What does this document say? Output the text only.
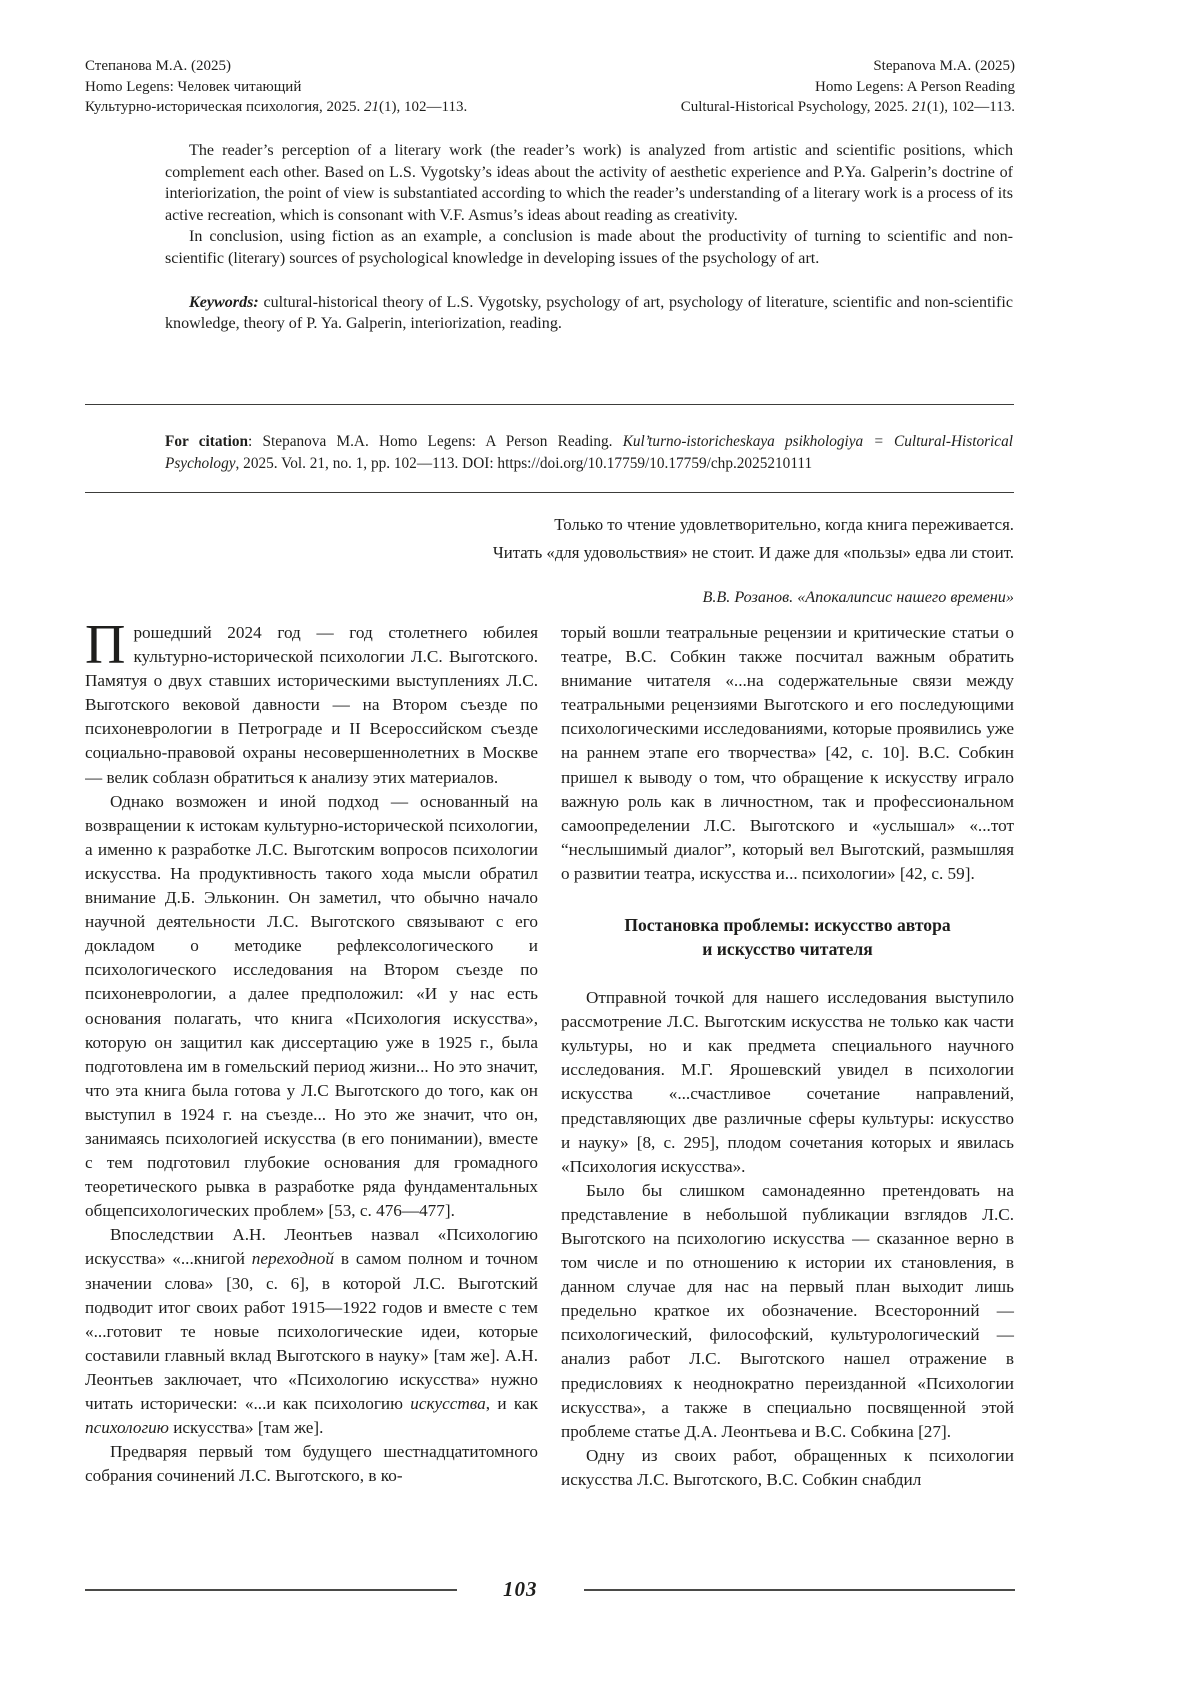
Степанова М.А. (2025)
Homo Legens: Человек читающий
Культурно-историческая психология, 2025. 21(1), 102—113.
Stepanova M.A. (2025)
Homo Legens: A Person Reading
Cultural-Historical Psychology, 2025. 21(1), 102—113.

The reader’s perception of a literary work (the reader’s work) is analyzed from artistic and scientific positions, which complement each other. Based on L.S. Vygotsky’s ideas about the activity of aesthetic experience and P.Ya. Galperin’s doctrine of interiorization, the point of view is substantiated according to which the reader’s understanding of a literary work is a process of its active recreation, which is consonant with V.F. Asmus’s ideas about reading as creativity.

In conclusion, using fiction as an example, a conclusion is made about the productivity of turning to scientific and non-scientific (literary) sources of psychological knowledge in developing issues of the psychology of art.

Keywords: cultural-historical theory of L.S. Vygotsky, psychology of art, psychology of literature, scientific and non-scientific knowledge, theory of P. Ya. Galperin, interiorization, reading.

For citation: Stepanova M.A. Homo Legens: A Person Reading. Kul’turno-istoricheskaya psikhologiya = Cultural-Historical Psychology, 2025. Vol. 21, no. 1, pp. 102—113. DOI: https://doi.org/10.17759/10.17759/chp.2025210111

Только то чтение удовлетворительно, когда книга переживается.

Читать «для удовольствия» не стоит. И даже для «пользы» едва ли стоит.

В.В. Розанов. «Апокалипсис нашего времени»

Прошедший 2024 год — год столетнего юбилея культурно-исторической психологии Л.С. Выготского. Памятуя о двух ставших историческими выступлениях Л.С. Выготского вековой давности — на Втором съезде по психоневрологии в Петрограде и II Всероссийском съезде социально-правовой охраны несовершеннолетних в Москве — велик соблазн обратиться к анализу этих материалов.

Однако возможен и иной подход — основанный на возвращении к истокам культурно-исторической психологии, а именно к разработке Л.С. Выготским вопросов психологии искусства. На продуктивность такого хода мысли обратил внимание Д.Б. Эльконин. Он заметил, что обычно начало научной деятельности Л.С. Выготского связывают с его докладом о методике рефлексологического и психологического исследования на Втором съезде по психоневрологии, а далее предположил: «И у нас есть основания полагать, что книга «Психология искусства», которую он защитил как диссертацию уже в 1925 г., была подготовлена им в гомельский период жизни... Но это значит, что эта книга была готова у Л.С Выготского до того, как он выступил в 1924 г. на съезде... Но это же значит, что он, занимаясь психологией искусства (в его понимании), вместе с тем подготовил глубокие основания для громадного теоретического рывка в разработке ряда фундаментальных общепсихологических проблем» [53, с. 476—477].

Впоследствии А.Н. Леонтьев назвал «Психологию искусства» «...книгой переходной в самом полном и точном значении слова» [30, с. 6], в которой Л.С. Выготский подводит итог своих работ 1915—1922 годов и вместе с тем «...готовит те новые психологические идеи, которые составили главный вклад Выготского в науку» [там же]. А.Н. Леонтьев заключает, что «Психологию искусства» нужно читать исторически: «...и как психологию искусства, и как психологию искусства» [там же].

Предваряя первый том будущего шестнадцатитомного собрания сочинений Л.С. Выготского, в ко-

торый вошли театральные рецензии и критические статьи о театре, В.С. Собкин также посчитал важным обратить внимание читателя «...на содержательные связи между театральными рецензиями Выготского и его последующими психологическими исследованиями, которые проявились уже на раннем этапе его творчества» [42, с. 10]. В.С. Собкин пришел к выводу о том, что обращение к искусству играло важную роль как в личностном, так и профессиональном самоопределении Л.С. Выготского и «услышал» «...тот “неслышимый диалог”, который вел Выготский, размышляя о развитии театра, искусства и... психологии» [42, с. 59].

Постановка проблемы: искусство автора
и искусство читателя

Отправной точкой для нашего исследования выступило рассмотрение Л.С. Выготским искусства не только как части культуры, но и как предмета специального научного исследования. М.Г. Ярошевский увидел в психологии искусства «...счастливое сочетание направлений, представляющих две различные сферы культуры: искусство и науку» [8, с. 295], плодом сочетания которых и явилась «Психология искусства».

Было бы слишком самонадеянно претендовать на представление в небольшой публикации взглядов Л.С. Выготского на психологию искусства — сказанное верно в том числе и по отношению к истории их становления, в данном случае для нас на первый план выходит лишь предельно краткое их обозначение. Всесторонний — психологический, философский, культурологический — анализ работ Л.С. Выготского нашел отражение в предисловиях к неоднократно переизданной «Психологии искусства», а также в специально посвященной этой проблеме статье Д.А. Леонтьева и В.С. Собкина [27].

Одну из своих работ, обращенных к психологии искусства Л.С. Выготского, В.С. Собкин снабдил

103
